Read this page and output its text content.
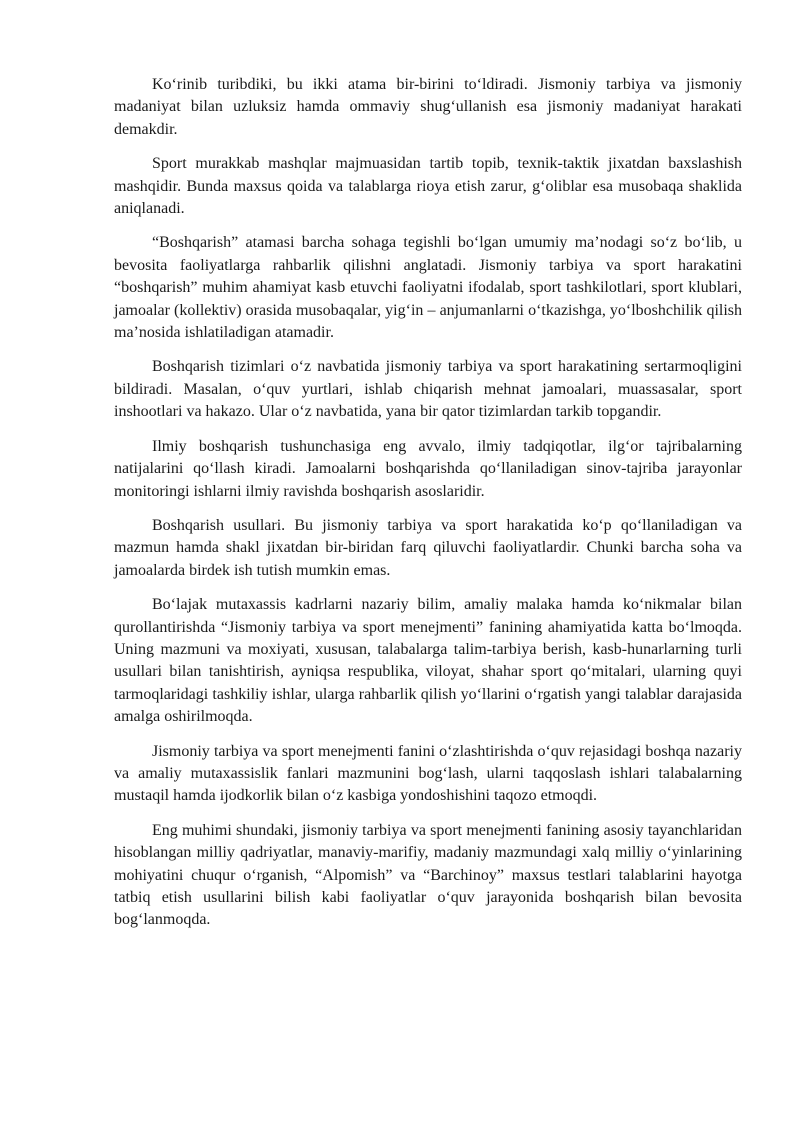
Ko‘rinib turibdiki, bu ikki atama bir-birini to‘ldiradi. Jismoniy tarbiya va jismoniy madaniyat bilan uzluksiz hamda ommaviy shug‘ullanish esa jismoniy madaniyat harakati demakdir.

Sport murakkab mashqlar majmuasidan tartib topib, texnik-taktik jixatdan baxslashish mashqidir. Bunda maxsus qoida va talablarga rioya etish zarur, g‘oliblar esa musobaqa shaklida aniqlanadi.

“Boshqarish” atamasi barcha sohaga tegishli bo‘lgan umumiy ma’nodagi so‘z bo‘lib, u bevosita faoliyatlarga rahbarlik qilishni anglatadi. Jismoniy tarbiya va sport harakatini “boshqarish” muhim ahamiyat kasb etuvchi faoliyatni ifodalab, sport tashkilotlari, sport klublari, jamoalar (kollektiv) orasida musobaqalar, yig‘in – anjumanlarni o‘tkazishga, yo‘lboshchilik qilish ma’nosida ishlatiladigan atamadir.

Boshqarish tizimlari o‘z navbatida jismoniy tarbiya va sport harakatining sertarmoqligini bildiradi. Masalan, o‘quv yurtlari, ishlab chiqarish mehnat jamoalari, muassasalar, sport inshootlari va hakazo. Ular o‘z navbatida, yana bir qator tizimlardan tarkib topgandir.

Ilmiy boshqarish tushunchasiga eng avvalo, ilmiy tadqiqotlar, ilg‘or tajribalarning natijalarini qo‘llash kiradi. Jamoalarni boshqarishda qo‘llaniladigan sinov-tajriba jarayonlar monitoringi ishlarni ilmiy ravishda boshqarish asoslaridir.

Boshqarish usullari. Bu jismoniy tarbiya va sport harakatida ko‘p qo‘llaniladigan va mazmun hamda shakl jixatdan bir-biridan farq qiluvchi faoliyatlardir. Chunki barcha soha va jamoalarda birdek ish tutish mumkin emas.

Bo‘lajak mutaxassis kadrlarni nazariy bilim, amaliy malaka hamda ko‘nikmalar bilan qurollantirishda “Jismoniy tarbiya va sport menejmenti” fanining ahamiyatida katta bo‘lmoqda. Uning mazmuni va moxiyati, xususan, talabalarga talim-tarbiya berish, kasb-hunarlarning turli usullari bilan tanishtirish, ayniqsa respublika, viloyat, shahar sport qo‘mitalari, ularning quyi tarmoqlaridagi tashkiliy ishlar, ularga rahbarlik qilish yo‘llarini o‘rgatish yangi talablar darajasida amalga oshirilmoqda.

Jismoniy tarbiya va sport menejmenti fanini o‘zlashtirishda o‘quv rejasidagi boshqa nazariy va amaliy mutaxassislik fanlari mazmunini bog‘lash, ularni taqqoslash ishlari talabalarning mustaqil hamda ijodkorlik bilan o‘z kasbiga yondoshishini taqozo etmoqdi.

Eng muhimi shundaki, jismoniy tarbiya va sport menejmenti fanining asosiy tayanchlaridan hisoblangan milliy qadriyatlar, manaviy-marifiy, madaniy mazmundagi xalq milliy o‘yinlarining mohiyatini chuqur o‘rganish, “Alpomish” va “Barchinoy” maxsus testlari talablarini hayotga tatbiq etish usullarini bilish kabi faoliyatlar o‘quv jarayonida boshqarish bilan bevosita bog‘lanmoqda.
